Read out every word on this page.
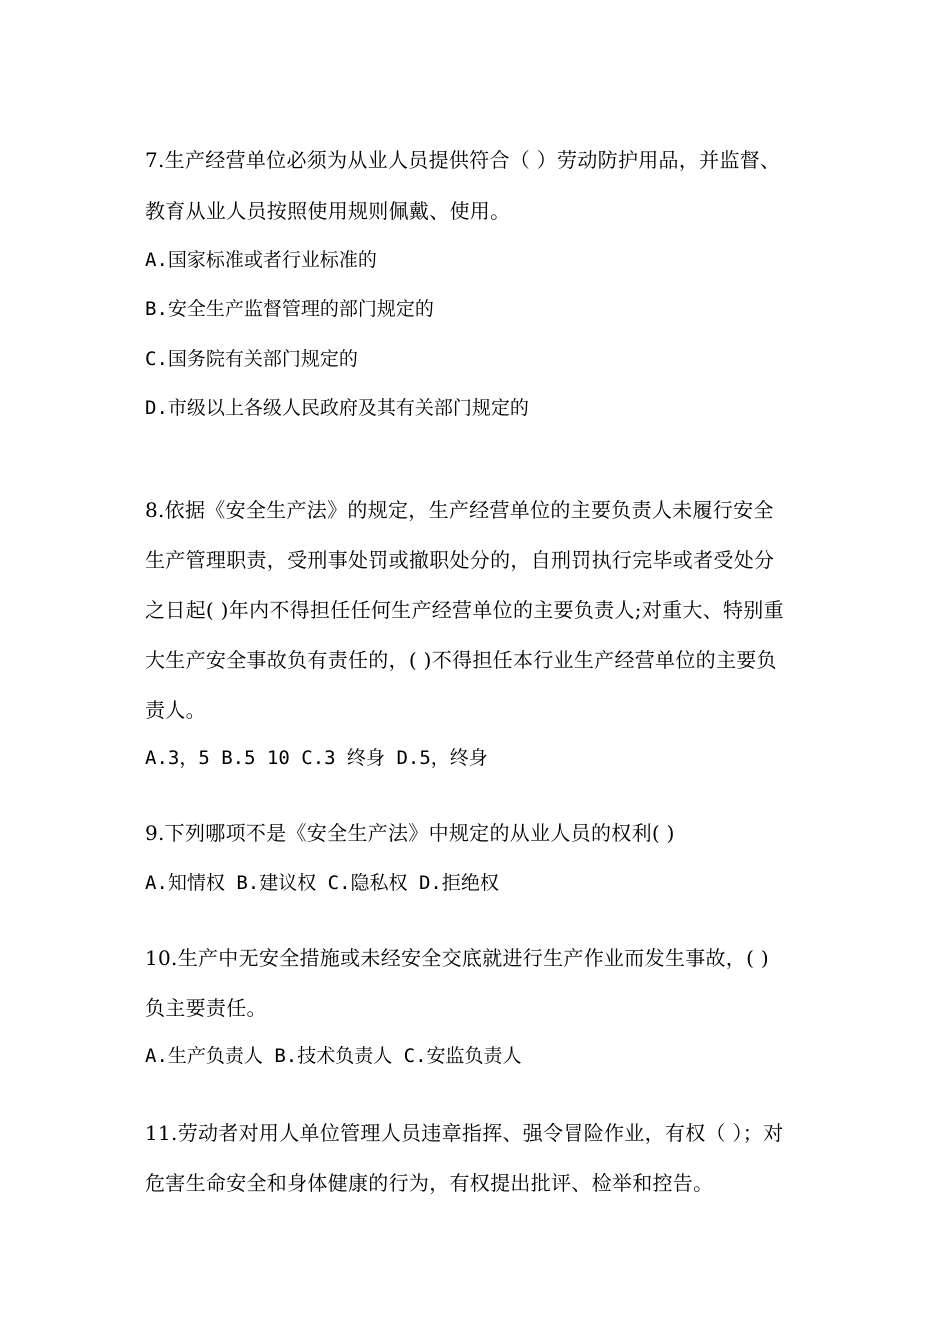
7.生产经营单位必须为从业人员提供符合（ ）劳动防护用品，并监督、
教育从业人员按照使用规则佩戴、使用。
A.国家标准或者行业标准的
B.安全生产监督管理的部门规定的
C.国务院有关部门规定的
D.市级以上各级人民政府及其有关部门规定的
8.依据《安全生产法》的规定，生产经营单位的主要负责人未履行安全
生产管理职责，受刑事处罚或撤职处分的，自刑罚执行完毕或者受处分
之日起( )年内不得担任任何生产经营单位的主要负责人;对重大、特别重
大生产安全事故负有责任的，( )不得担任本行业生产经营单位的主要负
责人。
A.3，5 B.5 10 C.3 终身 D.5，终身
9.下列哪项不是《安全生产法》中规定的从业人员的权利( )
A.知情权 B.建议权 C.隐私权 D.拒绝权
10.生产中无安全措施或未经安全交底就进行生产作业而发生事故，( )
负主要责任。
A.生产负责人 B.技术负责人 C.安监负责人
11.劳动者对用人单位管理人员违章指挥、强令冒险作业，有权（ ）；对
危害生命安全和身体健康的行为，有权提出批评、检举和控告。
